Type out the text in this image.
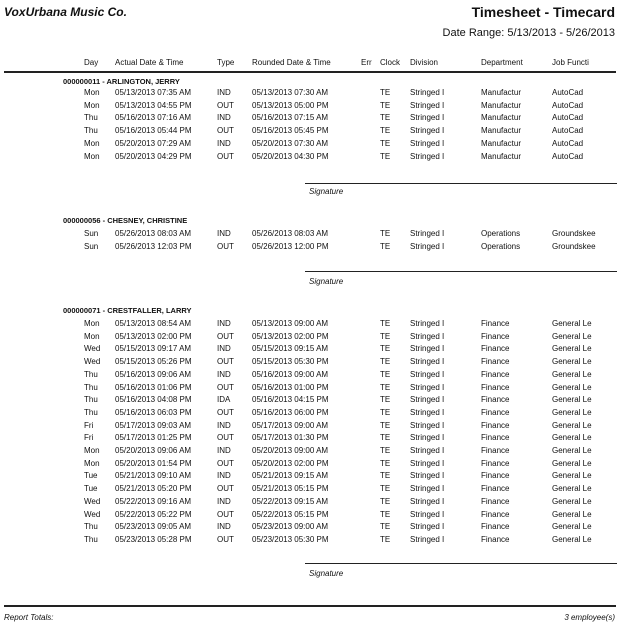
VoxUrbana Music Co.	Timesheet - Timecard
Date Range: 5/13/2013 - 5/26/2013
Day Actual Date & Time	Type Rounded Date & Time	Err Clock Division	Department	Job Functi
000000011 - ARLINGTON, JERRY
Mon 05/13/2013 07:35 AM	IND	05/13/2013 07:30 AM	TE Stringed I	Manufactur	AutoCad
Mon 05/13/2013 04:55 PM	OUT 05/13/2013 05:00 PM	TE Stringed I	Manufactur	AutoCad
Thu 05/16/2013 07:16 AM	IND	05/16/2013 07:15 AM	TE Stringed I	Manufactur	AutoCad
Thu 05/16/2013 05:44 PM	OUT 05/16/2013 05:45 PM	TE Stringed I	Manufactur	AutoCad
Mon 05/20/2013 07:29 AM	IND	05/20/2013 07:30 AM	TE Stringed I	Manufactur	AutoCad
Mon 05/20/2013 04:29 PM	OUT 05/20/2013 04:30 PM	TE Stringed I	Manufactur	AutoCad
Signature
000000056 - CHESNEY, CHRISTINE
Sun 05/26/2013 08:03 AM	IND	05/26/2013 08:03 AM	TE Stringed I	Operations	Groundskee
Sun 05/26/2013 12:03 PM	OUT 05/26/2013 12:00 PM	TE Stringed I	Operations	Groundskee
Signature
000000071 - CRESTFALLER, LARRY
Mon 05/13/2013 08:54 AM	IND	05/13/2013 09:00 AM	TE Stringed I	Finance	General Le
Mon 05/13/2013 02:00 PM	OUT 05/13/2013 02:00 PM	TE Stringed I	Finance	General Le
Wed 05/15/2013 09:17 AM	IND	05/15/2013 09:15 AM	TE Stringed I	Finance	General Le
Wed 05/15/2013 05:26 PM	OUT 05/15/2013 05:30 PM	TE Stringed I	Finance	General Le
Thu 05/16/2013 09:06 AM	IND	05/16/2013 09:00 AM	TE Stringed I	Finance	General Le
Thu 05/16/2013 01:06 PM	OUT 05/16/2013 01:00 PM	TE Stringed I	Finance	General Le
Thu 05/16/2013 04:08 PM	IDA	05/16/2013 04:15 PM	TE Stringed I	Finance	General Le
Thu 05/16/2013 06:03 PM	OUT 05/16/2013 06:00 PM	TE Stringed I	Finance	General Le
Fri	05/17/2013 09:03 AM	IND	05/17/2013 09:00 AM	TE Stringed I	Finance	General Le
Fri	05/17/2013 01:25 PM	OUT 05/17/2013 01:30 PM	TE Stringed I	Finance	General Le
Mon 05/20/2013 09:06 AM	IND	05/20/2013 09:00 AM	TE Stringed I	Finance	General Le
Mon 05/20/2013 01:54 PM	OUT 05/20/2013 02:00 PM	TE Stringed I	Finance	General Le
Tue 05/21/2013 09:10 AM	IND	05/21/2013 09:15 AM	TE Stringed I	Finance	General Le
Tue 05/21/2013 05:20 PM	OUT 05/21/2013 05:15 PM	TE Stringed I	Finance	General Le
Wed 05/22/2013 09:16 AM	IND	05/22/2013 09:15 AM	TE Stringed I	Finance	General Le
Wed 05/22/2013 05:22 PM	OUT 05/22/2013 05:15 PM	TE Stringed I	Finance	General Le
Thu 05/23/2013 09:05 AM	IND	05/23/2013 09:00 AM	TE Stringed I	Finance	General Le
Thu 05/23/2013 05:28 PM	OUT 05/23/2013 05:30 PM	TE Stringed I	Finance	General Le
Signature
Report Totals:	3 employee(s)
